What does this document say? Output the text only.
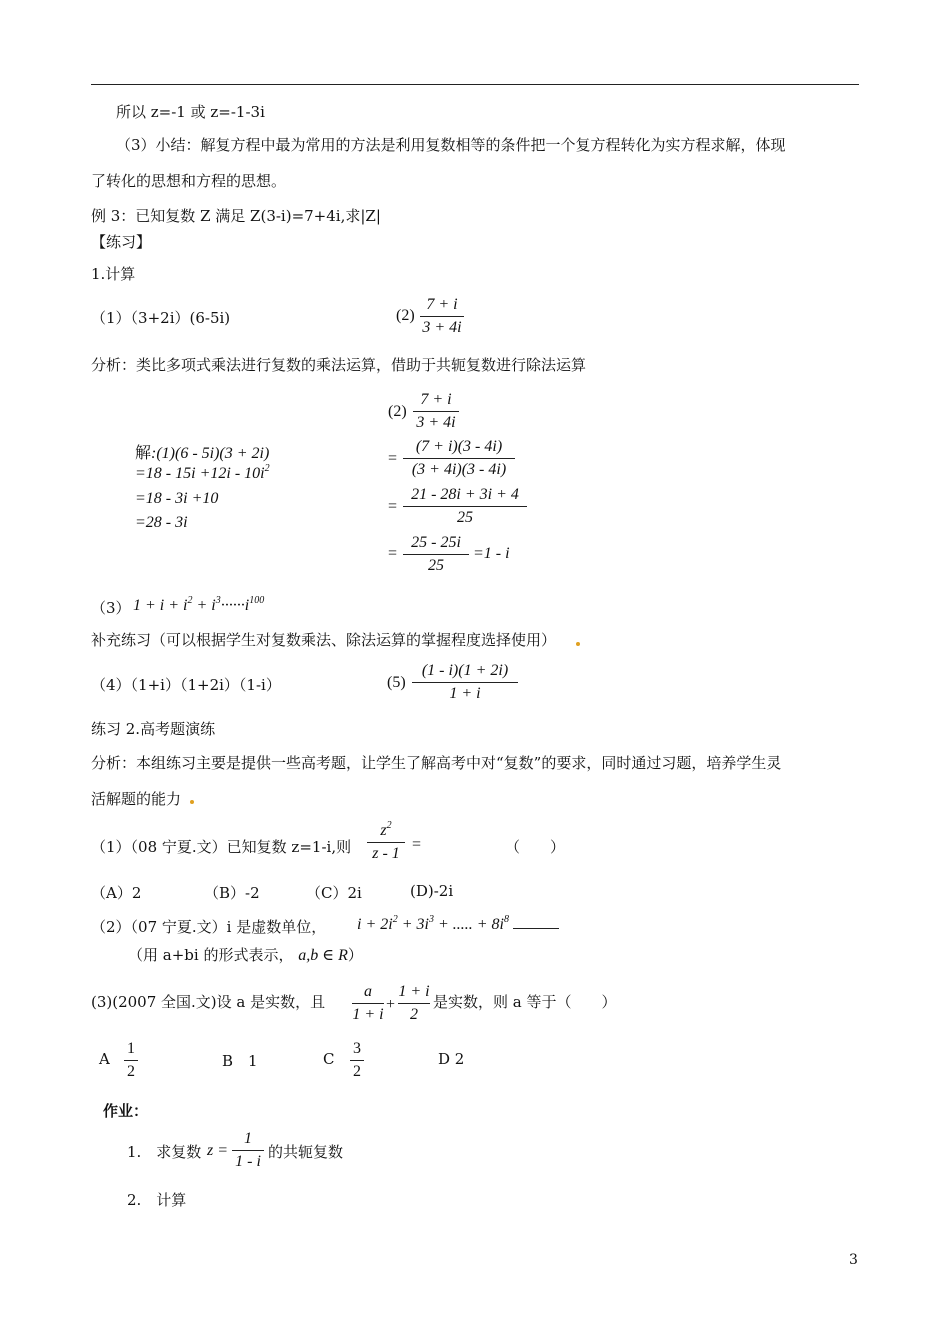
所以 z=-1 或 z=-1-3i
（3）小结：解复方程中最为常用的方法是利用复数相等的条件把一个复方程转化为实方程求解，体现
了转化的思想和方程的思想。
例 3：已知复数 Z 满足 Z(3-i)=7+4i,求|Z|
【练习】
1.计算
（1）（3+2i）(6-5i)	(2)
7 + i
3 + 4i
分析：类比多项式乘法进行复数的乘法运算，借助于共轭复数进行除法运算
解:(1)(6 - 5i)(3 + 2i)
$=18 - 15i +12i - 10i^2$
=18 - 3i +10
=28 - 3i
(2)
7 + i
3 + 4i
=
(7 + i)(3 - 4i)
(3 + 4i)(3 - 4i)
=
21 - 28i + 3i + 4
25
=
25 - 25i
25
=1 - i
（3） $1 + i + i^2 + i^3\cdot\cdot\cdot\cdot\cdot\cdot i^{100}$
补充练习（可以根据学生对复数乘法、除法运算的掌握程度选择使用）
（4）（1+i）（1+2i）（1-i）	(5)
(1 - i)(1 + 2i)
1 + i
练习 2.高考题演练
分析：本组练习主要是提供一些高考题，让学生了解高考中对“复数”的要求，同时通过习题，培养学生灵
活解题的能力
（1）（08 宁夏.文）已知复数 z=1-i,则
$z^2$
z - 1
=	（　　）
（A）2	（B）-2	（C）2i	(D)-2i
（2）（07 宁夏.文）i 是虚数单位， $i + 2i^2 + 3i^3$ + ..... + $8i^8$
（用 a+bi 的形式表示， a,b ∈ R）
(3)(2007 全国.文)设 a 是实数，且
a
1 + i
+
1 + i
2
是实数，则 a 等于（　　）
A
1
2
B　1	C
3
2
D 2
作业：
1.　求复数 z =
1
1 - i
的共轭复数
2.　计算
3
